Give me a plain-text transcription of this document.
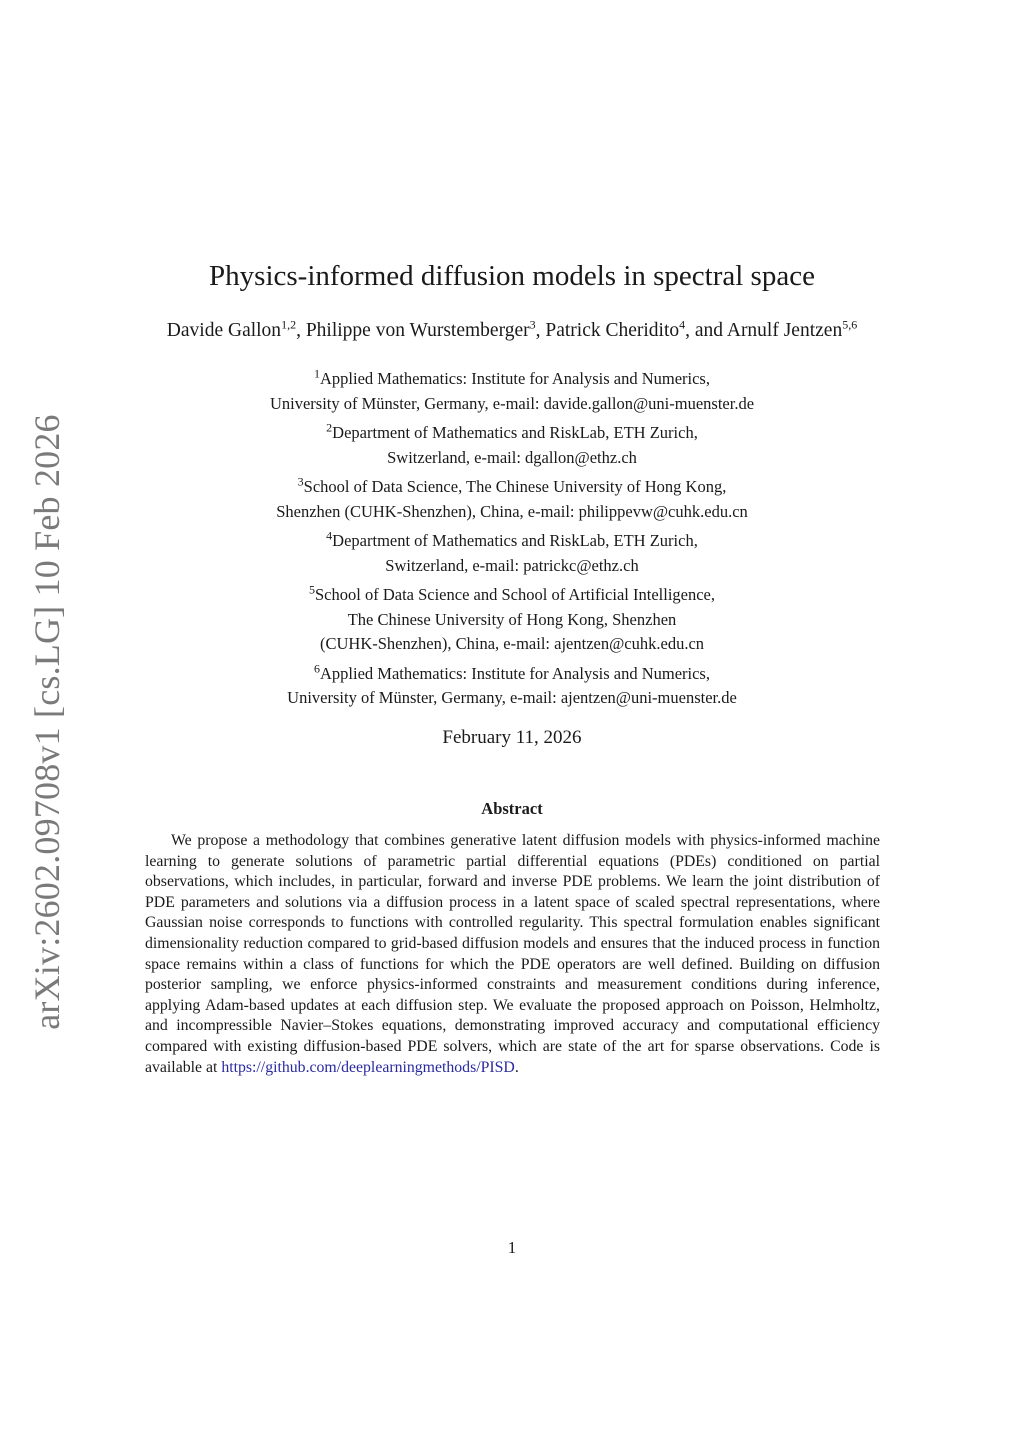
arXiv:2602.09708v1 [cs.LG] 10 Feb 2026
Physics-informed diffusion models in spectral space
Davide Gallon$^{1,2}$, Philippe von Wurstemberger$^3$, Patrick Cheridito$^4$, and Arnulf Jentzen$^{5,6}$
$^1$Applied Mathematics: Institute for Analysis and Numerics,
University of Münster, Germany, e-mail: davide.gallon@uni-muenster.de
$^2$Department of Mathematics and RiskLab, ETH Zurich,
Switzerland, e-mail: dgallon@ethz.ch
$^3$School of Data Science, The Chinese University of Hong Kong,
Shenzhen (CUHK-Shenzhen), China, e-mail: philippevw@cuhk.edu.cn
$^4$Department of Mathematics and RiskLab, ETH Zurich,
Switzerland, e-mail: patrickc@ethz.ch
$^5$School of Data Science and School of Artificial Intelligence,
The Chinese University of Hong Kong, Shenzhen
(CUHK-Shenzhen), China, e-mail: ajentzen@cuhk.edu.cn
$^6$Applied Mathematics: Institute for Analysis and Numerics,
University of Münster, Germany, e-mail: ajentzen@uni-muenster.de
February 11, 2026
Abstract
We propose a methodology that combines generative latent diffusion models with physics-informed machine learning to generate solutions of parametric partial differential equations (PDEs) conditioned on partial observations, which includes, in particular, forward and inverse PDE problems. We learn the joint distribution of PDE parameters and solutions via a diffusion process in a latent space of scaled spectral representations, where Gaussian noise corresponds to functions with controlled regularity. This spectral formulation enables significant dimensionality reduction compared to grid-based diffusion models and ensures that the induced process in function space remains within a class of functions for which the PDE operators are well defined. Building on diffusion posterior sampling, we enforce physics-informed constraints and measurement conditions during inference, applying Adam-based updates at each diffusion step. We evaluate the proposed approach on Poisson, Helmholtz, and incompressible Navier–Stokes equations, demonstrating improved accuracy and computational efficiency compared with existing diffusion-based PDE solvers, which are state of the art for sparse observations. Code is available at https://github.com/deeplearningmethods/PISD.
1
